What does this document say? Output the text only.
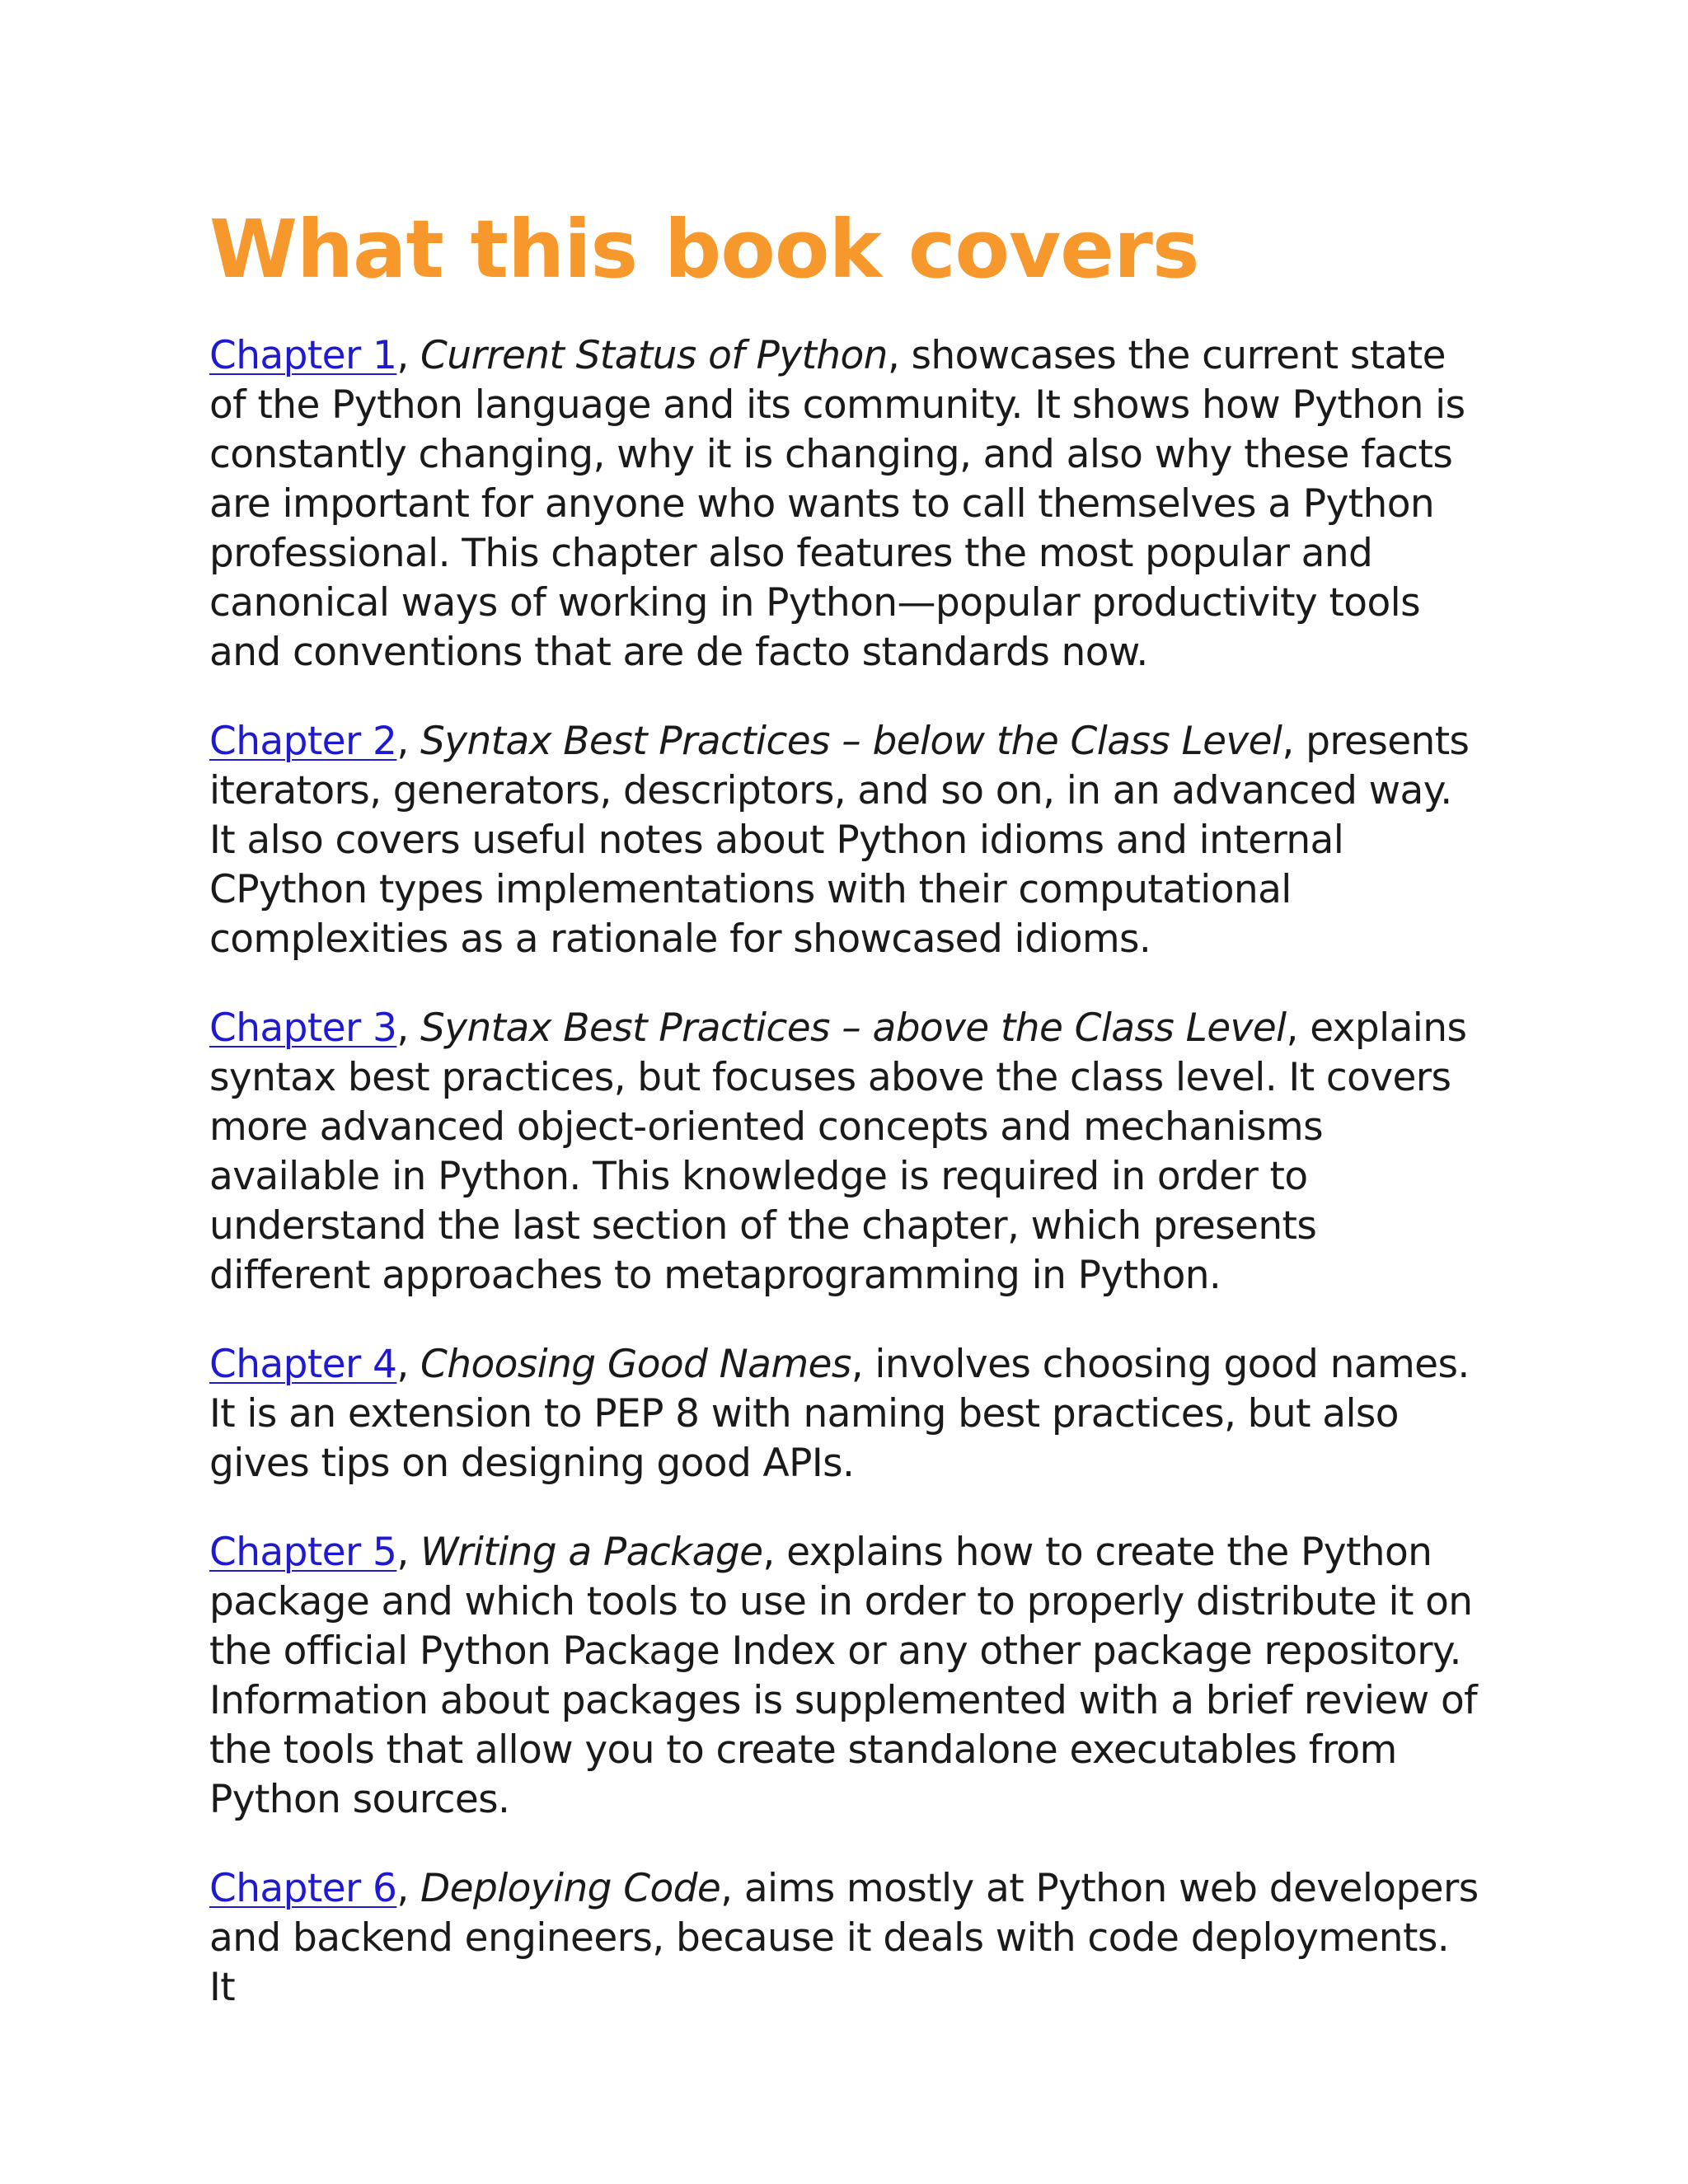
What this book covers

Chapter 1, Current Status of Python, showcases the current state of the Python language and its community. It shows how Python is constantly changing, why it is changing, and also why these facts are important for anyone who wants to call themselves a Python professional. This chapter also features the most popular and canonical ways of working in Python—popular productivity tools and conventions that are de facto standards now.

Chapter 2, Syntax Best Practices – below the Class Level, presents iterators, generators, descriptors, and so on, in an advanced way. It also covers useful notes about Python idioms and internal CPython types implementations with their computational complexities as a rationale for showcased idioms.

Chapter 3, Syntax Best Practices – above the Class Level, explains syntax best practices, but focuses above the class level. It covers more advanced object-oriented concepts and mechanisms available in Python. This knowledge is required in order to understand the last section of the chapter, which presents different approaches to metaprogramming in Python.

Chapter 4, Choosing Good Names, involves choosing good names. It is an extension to PEP 8 with naming best practices, but also gives tips on designing good APIs.

Chapter 5, Writing a Package, explains how to create the Python package and which tools to use in order to properly distribute it on the official Python Package Index or any other package repository. Information about packages is supplemented with a brief review of the tools that allow you to create standalone executables from Python sources.

Chapter 6, Deploying Code, aims mostly at Python web developers and backend engineers, because it deals with code deployments. It
